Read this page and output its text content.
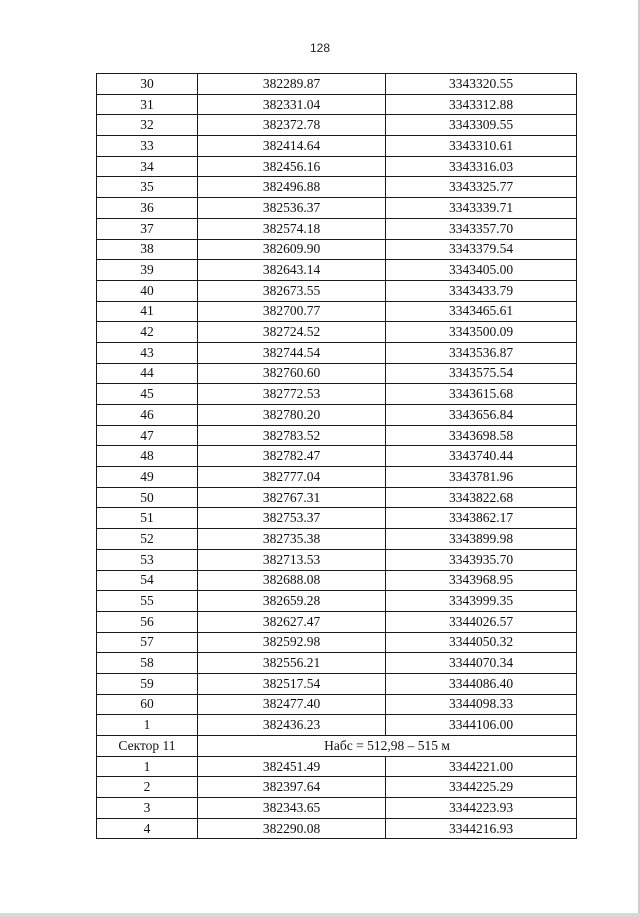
128
30	382289.87	3343320.55
31	382331.04	3343312.88
32	382372.78	3343309.55
33	382414.64	3343310.61
34	382456.16	3343316.03
35	382496.88	3343325.77
36	382536.37	3343339.71
37	382574.18	3343357.70
38	382609.90	3343379.54
39	382643.14	3343405.00
40	382673.55	3343433.79
41	382700.77	3343465.61
42	382724.52	3343500.09
43	382744.54	3343536.87
44	382760.60	3343575.54
45	382772.53	3343615.68
46	382780.20	3343656.84
47	382783.52	3343698.58
48	382782.47	3343740.44
49	382777.04	3343781.96
50	382767.31	3343822.68
51	382753.37	3343862.17
52	382735.38	3343899.98
53	382713.53	3343935.70
54	382688.08	3343968.95
55	382659.28	3343999.35
56	382627.47	3344026.57
57	382592.98	3344050.32
58	382556.21	3344070.34
59	382517.54	3344086.40
60	382477.40	3344098.33
1	382436.23	3344106.00
Сектор 11	Набс = 512,98 – 515 м	
1	382451.49	3344221.00
2	382397.64	3344225.29
3	382343.65	3344223.93
4	382290.08	3344216.93
